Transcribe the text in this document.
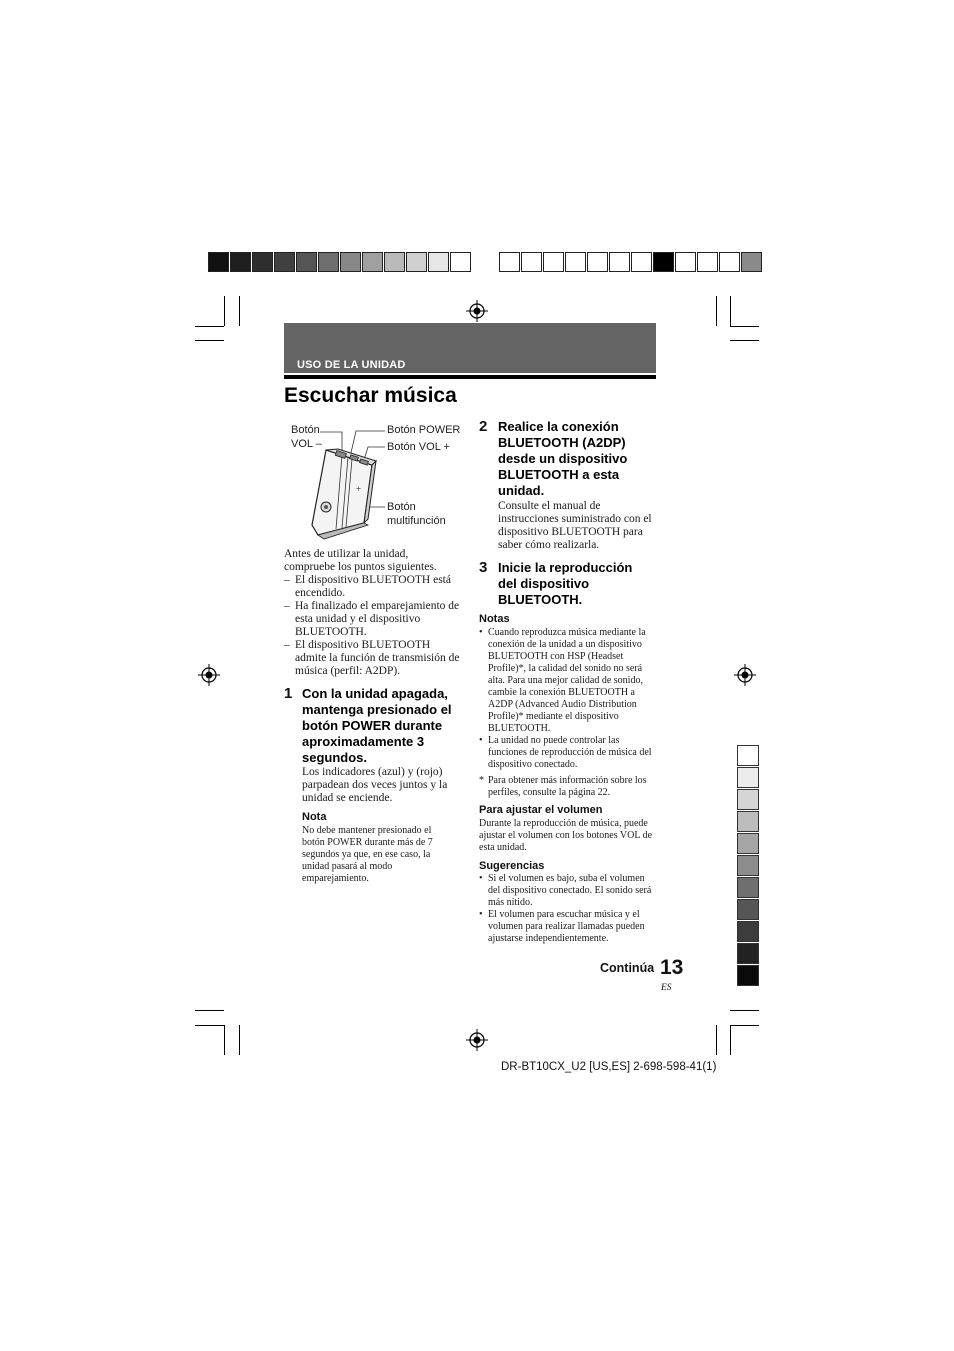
USO DE LA UNIDAD
Escuchar música
+
Botón
VOL –
Botón POWER
Botón VOL +
Botón
multifunción
Antes de utilizar la unidad, compruebe los puntos siguientes.
– El dispositivo BLUETOOTH está encendido.
– Ha finalizado el emparejamiento de esta unidad y el dispositivo BLUETOOTH.
– El dispositivo BLUETOOTH admite la función de transmisión de música (perfil: A2DP).
1 Con la unidad apagada, mantenga presionado el botón POWER durante aproximadamente 3 segundos.
Los indicadores (azul) y (rojo) parpadean dos veces juntos y la unidad se enciende.
Nota
No debe mantener presionado el botón POWER durante más de 7 segundos ya que, en ese caso, la unidad pasará al modo emparejamiento.
2 Realice la conexión BLUETOOTH (A2DP) desde un dispositivo BLUETOOTH a esta unidad.
Consulte el manual de instrucciones suministrado con el dispositivo BLUETOOTH para saber cómo realizarla.
3 Inicie la reproducción del dispositivo BLUETOOTH.
Notas
• Cuando reproduzca música mediante la conexión de la unidad a un dispositivo BLUETOOTH con HSP (Headset Profile)*, la calidad del sonido no será alta. Para una mejor calidad de sonido, cambie la conexión BLUETOOTH a A2DP (Advanced Audio Distribution Profile)* mediante el dispositivo BLUETOOTH.
• La unidad no puede controlar las funciones de reproducción de música del dispositivo conectado.
* Para obtener más información sobre los perfiles, consulte la página 22.
Para ajustar el volumen
Durante la reproducción de música, puede ajustar el volumen con los botones VOL de esta unidad.
Sugerencias
• Si el volumen es bajo, suba el volumen del dispositivo conectado. El sonido será más nítido.
• El volumen para escuchar música y el volumen para realizar llamadas pueden ajustarse independientemente.
Continúa 13
ES
DR-BT10CX_U2 [US,ES] 2-698-598-41(1)
